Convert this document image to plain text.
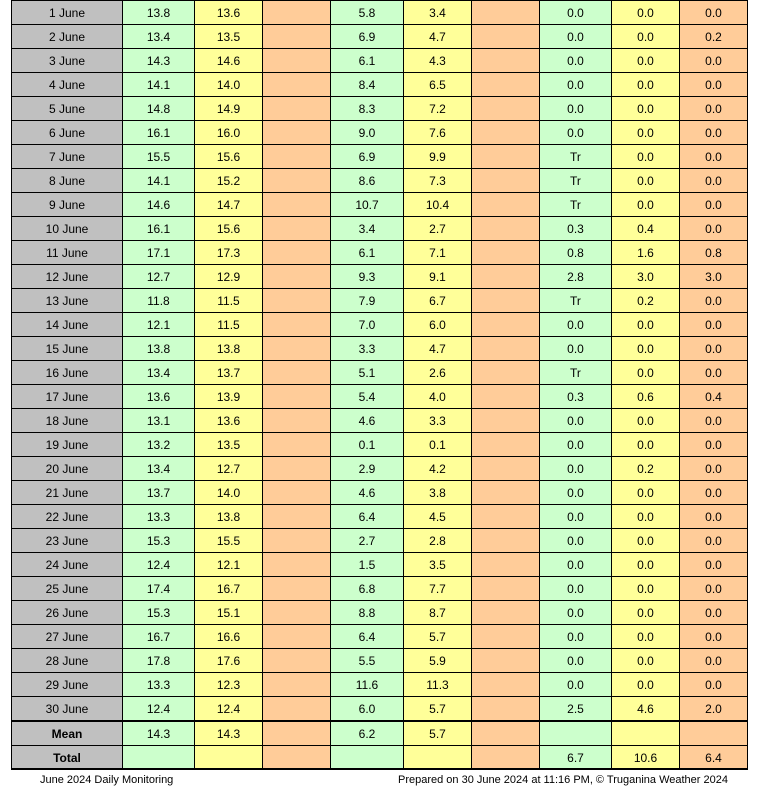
1 June	13.8	13.6		5.8	3.4		0.0	0.0	0.0
2 June	13.4	13.5		6.9	4.7		0.0	0.0	0.2
3 June	14.3	14.6		6.1	4.3		0.0	0.0	0.0
4 June	14.1	14.0		8.4	6.5		0.0	0.0	0.0
5 June	14.8	14.9		8.3	7.2		0.0	0.0	0.0
6 June	16.1	16.0		9.0	7.6		0.0	0.0	0.0
7 June	15.5	15.6		6.9	9.9		Tr	0.0	0.0
8 June	14.1	15.2		8.6	7.3		Tr	0.0	0.0
9 June	14.6	14.7		10.7	10.4		Tr	0.0	0.0
10 June	16.1	15.6		3.4	2.7		0.3	0.4	0.0
11 June	17.1	17.3		6.1	7.1		0.8	1.6	0.8
12 June	12.7	12.9		9.3	9.1		2.8	3.0	3.0
13 June	11.8	11.5		7.9	6.7		Tr	0.2	0.0
14 June	12.1	11.5		7.0	6.0		0.0	0.0	0.0
15 June	13.8	13.8		3.3	4.7		0.0	0.0	0.0
16 June	13.4	13.7		5.1	2.6		Tr	0.0	0.0
17 June	13.6	13.9		5.4	4.0		0.3	0.6	0.4
18 June	13.1	13.6		4.6	3.3		0.0	0.0	0.0
19 June	13.2	13.5		0.1	0.1		0.0	0.0	0.0
20 June	13.4	12.7		2.9	4.2		0.0	0.2	0.0
21 June	13.7	14.0		4.6	3.8		0.0	0.0	0.0
22 June	13.3	13.8		6.4	4.5		0.0	0.0	0.0
23 June	15.3	15.5		2.7	2.8		0.0	0.0	0.0
24 June	12.4	12.1		1.5	3.5		0.0	0.0	0.0
25 June	17.4	16.7		6.8	7.7		0.0	0.0	0.0
26 June	15.3	15.1		8.8	8.7		0.0	0.0	0.0
27 June	16.7	16.6		6.4	5.7		0.0	0.0	0.0
28 June	17.8	17.6		5.5	5.9		0.0	0.0	0.0
29 June	13.3	12.3		11.6	11.3		0.0	0.0	0.0
30 June	12.4	12.4		6.0	5.7		2.5	4.6	2.0
Mean	14.3	14.3		6.2	5.7				
Total							6.7	10.6	6.4
June 2024 Daily Monitoring	Prepared on 30 June 2024 at 11:16 PM, © Truganina Weather 2024
